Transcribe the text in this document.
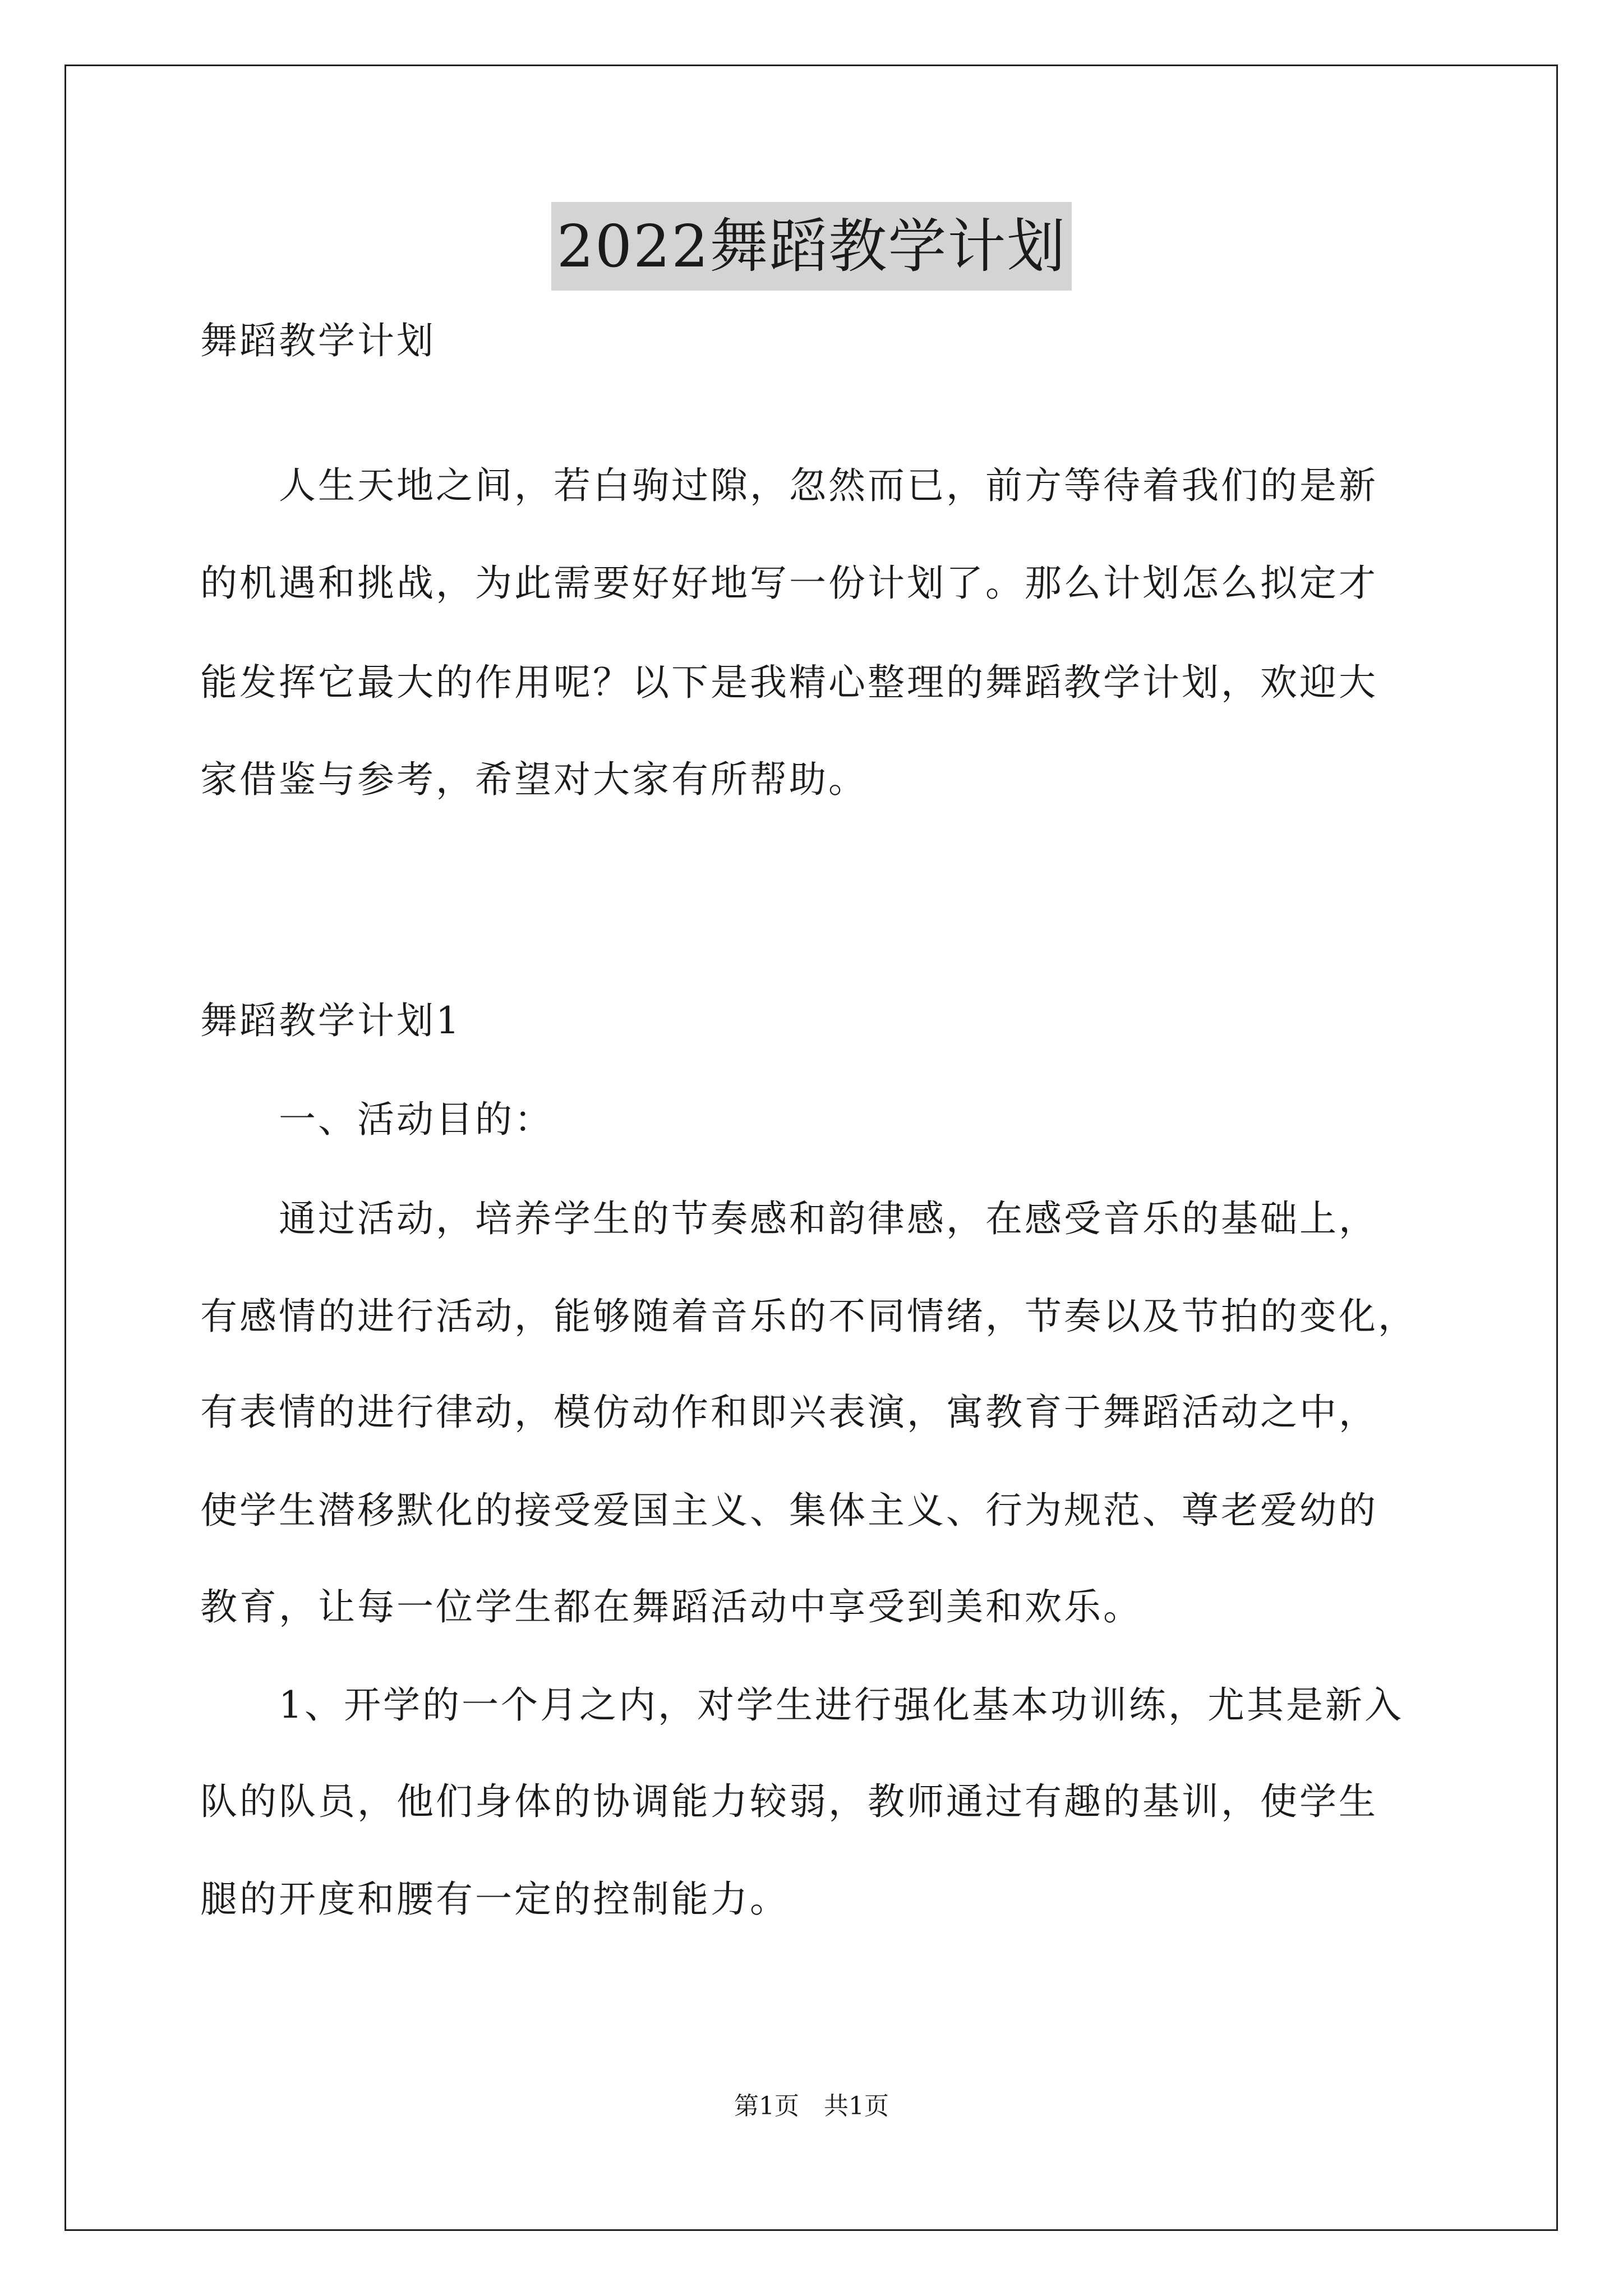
2022舞蹈教学计划
舞蹈教学计划
　　人生天地之间，若白驹过隙，忽然而已，前方等待着我们的是新
的机遇和挑战，为此需要好好地写一份计划了。那么计划怎么拟定才
能发挥它最大的作用呢？以下是我精心整理的舞蹈教学计划，欢迎大
家借鉴与参考，希望对大家有所帮助。
舞蹈教学计划1
　　一、活动目的：
　　通过活动，培养学生的节奏感和韵律感，在感受音乐的基础上，
有感情的进行活动，能够随着音乐的不同情绪，节奏以及节拍的变化，
有表情的进行律动，模仿动作和即兴表演，寓教育于舞蹈活动之中，
使学生潜移默化的接受爱国主义、集体主义、行为规范、尊老爱幼的
教育，让每一位学生都在舞蹈活动中享受到美和欢乐。
　　1、开学的一个月之内，对学生进行强化基本功训练，尤其是新入
队的队员，他们身体的协调能力较弱，教师通过有趣的基训，使学生
腿的开度和腰有一定的控制能力。
第1页　共1页
